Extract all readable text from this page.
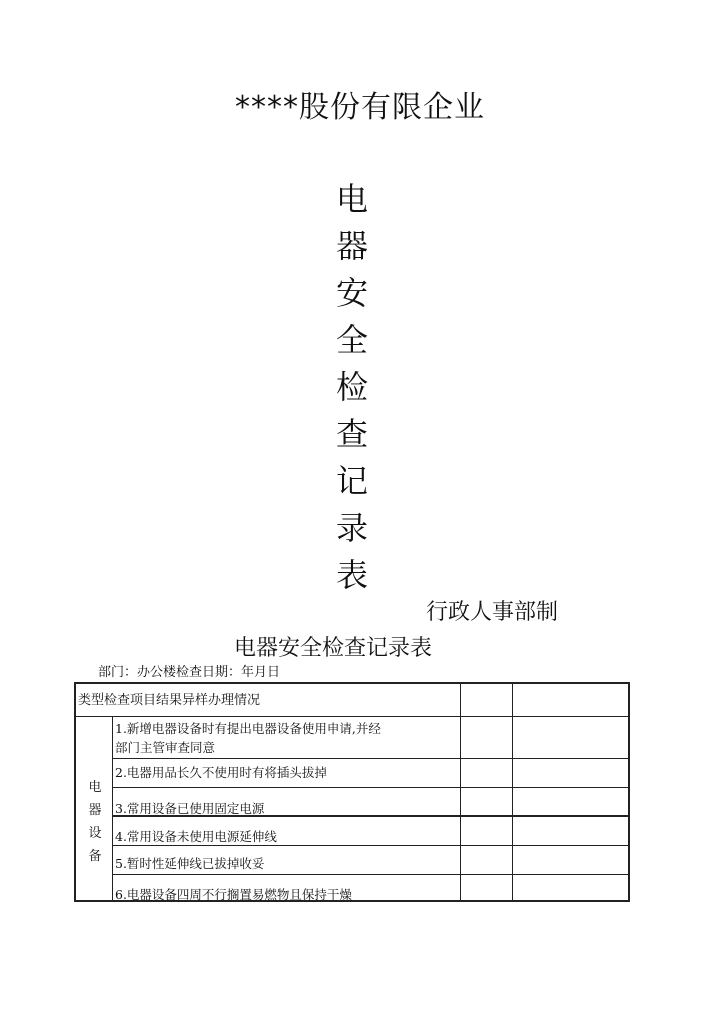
****股份有限企业
电
器
安
全
检
查
记
录
表
行政人事部制
电器安全检查记录表
部门：办公楼检查日期：年月日
类型检查项目结果异样办理情况
电
器
设
备
1.新增电器设备时有提出电器设备使用申请,并经
部门主管审查同意
2.电器用品长久不使用时有将插头拔掉
3.常用设备已使用固定电源
4.常用设备未使用电源延伸线
5.暂时性延伸线已拔掉收妥
6.电器设备四周不行搁置易燃物且保持干燥
